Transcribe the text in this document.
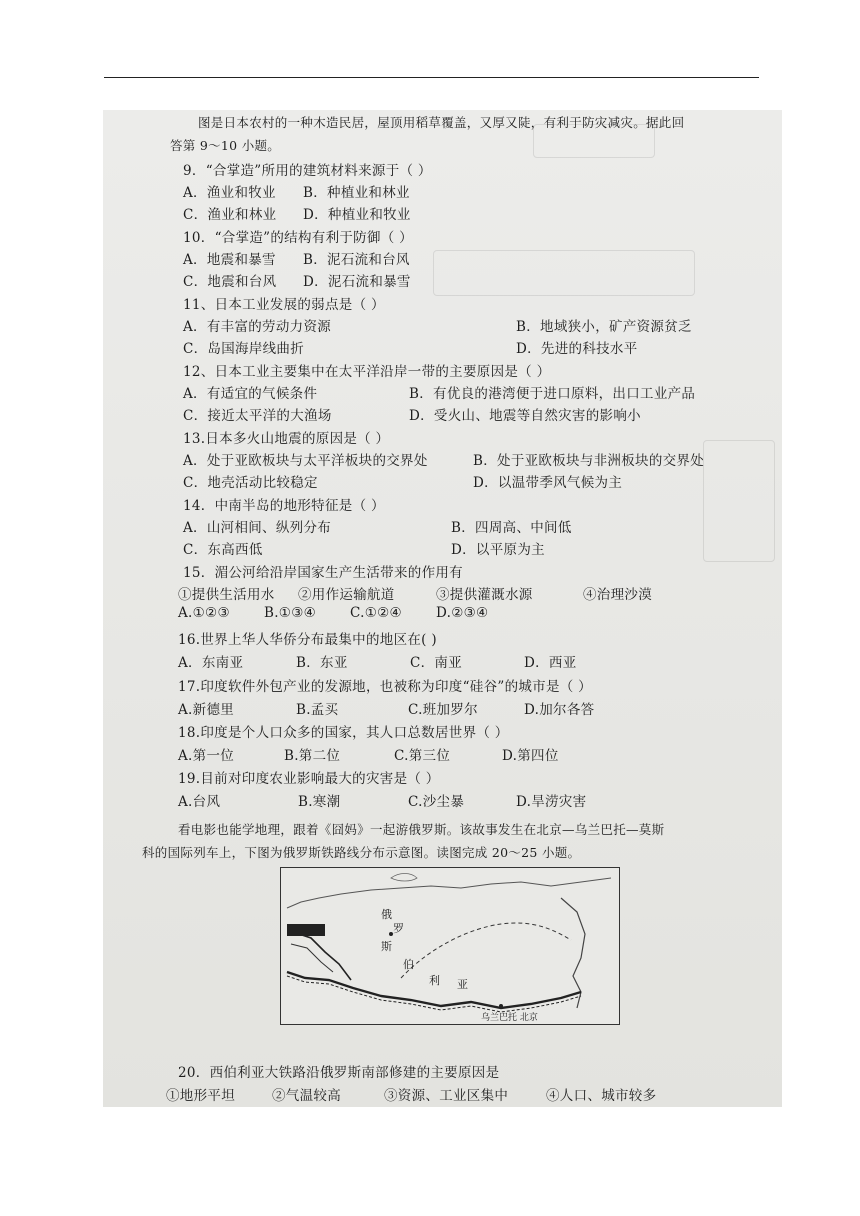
图是日本农村的一种木造民居，屋顶用稻草覆盖，又厚又陡，有利于防灾减灾。据此回
答第 9～10 小题。
9．“合掌造”所用的建筑材料来源于（ ）
A．渔业和牧业 B．种植业和林业
C．渔业和林业 D．种植业和牧业
10．“合掌造”的结构有利于防御（ ）
A．地震和暴雪 B．泥石流和台风
C．地震和台风 D．泥石流和暴雪
11、日本工业发展的弱点是（ ）
A．有丰富的劳动力资源	B．地域狭小，矿产资源贫乏
C．岛国海岸线曲折	D．先进的科技水平
12、日本工业主要集中在太平洋沿岸一带的主要原因是（ ）
A．有适宜的气候条件	B．有优良的港湾便于进口原料，出口工业产品
C．接近太平洋的大渔场	D．受火山、地震等自然灾害的影响小
13.日本多火山地震的原因是（ ）
A．处于亚欧板块与太平洋板块的交界处	B．处于亚欧板块与非洲板块的交界处
C．地壳活动比较稳定	D．以温带季风气候为主
14．中南半岛的地形特征是（ ）
A．山河相间、纵列分布	B．四周高、中间低
C．东高西低	D．以平原为主
15．湄公河给沿岸国家生产生活带来的作用有
①提供生活用水 ②用作运输航道	③提供灌溉水源	④治理沙漠
A.①②③	B.①③④	C.①②④	D.②③④
16.世界上华人华侨分布最集中的地区在( )
A．东南亚	B．东亚	C．南亚	D．西亚
17.印度软件外包产业的发源地，也被称为印度“硅谷”的城市是（ ）
A.新德里	B.孟买	C.班加罗尔	D.加尔各答
18.印度是个人口众多的国家，其人口总数居世界（ ）
A.第一位	B.第二位	C.第三位	D.第四位
19.目前对印度农业影响最大的灾害是（ ）
A.台风	B.寒潮	C.沙尘暴	D.旱涝灾害
看电影也能学地理，跟着《囧妈》一起游俄罗斯。该故事发生在北京—乌兰巴托—莫斯
科的国际列车上，下图为俄罗斯铁路线分布示意图。读图完成 20～25 小题。
俄
罗
斯
伯
利 亚
乌兰巴托 北京
20．西伯利亚大铁路沿俄罗斯南部修建的主要原因是
①地形平坦	②气温较高	③资源、工业区集中	④人口、城市较多
